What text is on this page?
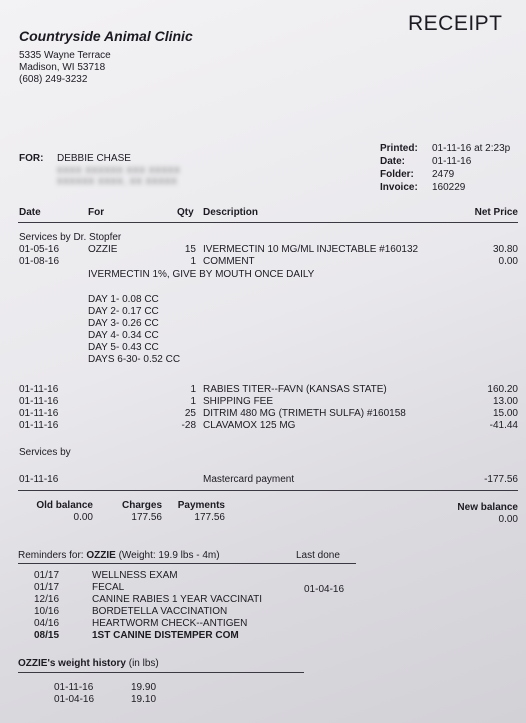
Countryside Animal Clinic
5335 Wayne Terrace
Madison, WI 53718
(608) 249-3232
RECEIPT
FOR: DEBBIE CHASE
XXXX XXXXXX XXX XXXXX
XXXXXX XXXX, XX XXXXX
Printed: 01-11-16 at 2:23p
Date:	01-11-16
Folder: 2479
Invoice: 160229
Date	For	Qty Description	Net Price
Services by Dr. Stopfer
01-05-16	OZZIE	15 IVERMECTIN 10 MG/ML INJECTABLE #160132	30.80
01-08-16	1 COMMENT	0.00
IVERMECTIN 1%, GIVE BY MOUTH ONCE DAILY
DAY 1- 0.08 CC
DAY 2- 0.17 CC
DAY 3- 0.26 CC
DAY 4- 0.34 CC
DAY 5- 0.43 CC
DAYS 6-30- 0.52 CC
01-11-16	1 RABIES TITER--FAVN (KANSAS STATE)	160.20
01-11-16	1 SHIPPING FEE	13.00
01-11-16	25 DITRIM 480 MG (TRIMETH SULFA) #160158	15.00
01-11-16	-28 CLAVAMOX 125 MG	-41.44
Services by
01-11-16	Mastercard payment	-177.56
Old balance
0.00
Charges
177.56
Payments
177.56
New balance
0.00
Reminders for: OZZIE (Weight: 19.9 lbs - 4m)	Last done
01/17	WELLNESS EXAM
01/17	FECAL	01-04-16
12/16	CANINE RABIES 1 YEAR VACCINATI
10/16	BORDETELLA VACCINATION
04/16	HEARTWORM CHECK--ANTIGEN
08/15	1ST CANINE DISTEMPER COM
OZZIE's weight history (in lbs)
01-11-16	19.90
01-04-16	19.10
